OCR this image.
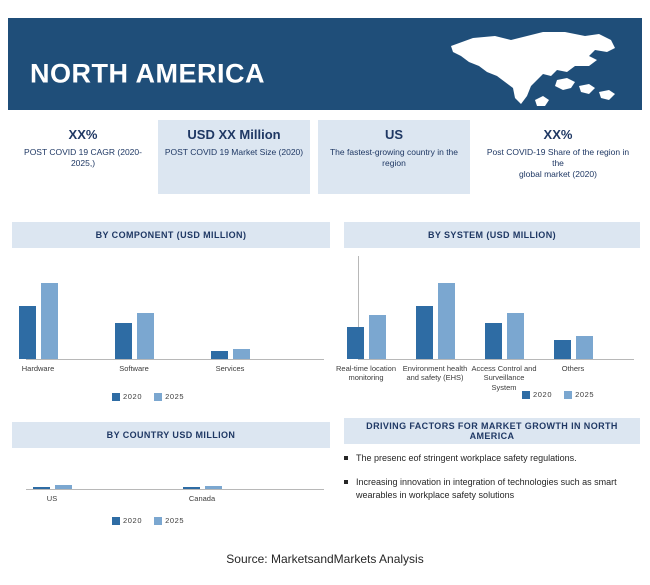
NORTH AMERICA
XX%
POST COVID 19 CAGR (2020-
2025,)
USD XX Million
POST COVID 19 Market Size (2020)
US
The fastest-growing country in the
region
XX%
Post COVID-19 Share of the region in the
global market (2020)
BY COMPONENT (USD MILLION)	BY SYSTEM (USD MILLION)
BY COUNTRY USD MILLION
DRIVING FACTORS FOR MARKET GROWTH IN NORTH AMERICA
Hardware	Software	Services
2020	2025
Real-time location monitoring
Environment health and safety (EHS)
Access Control and Surveillance System
Others
2020	2025
US	Canada
2020	2025
The presenc eof stringent workplace safety regulations.
Increasing innovation in integration of technologies such as smart wearables in workplace safety solutions
Source: MarketsandMarkets Analysis
